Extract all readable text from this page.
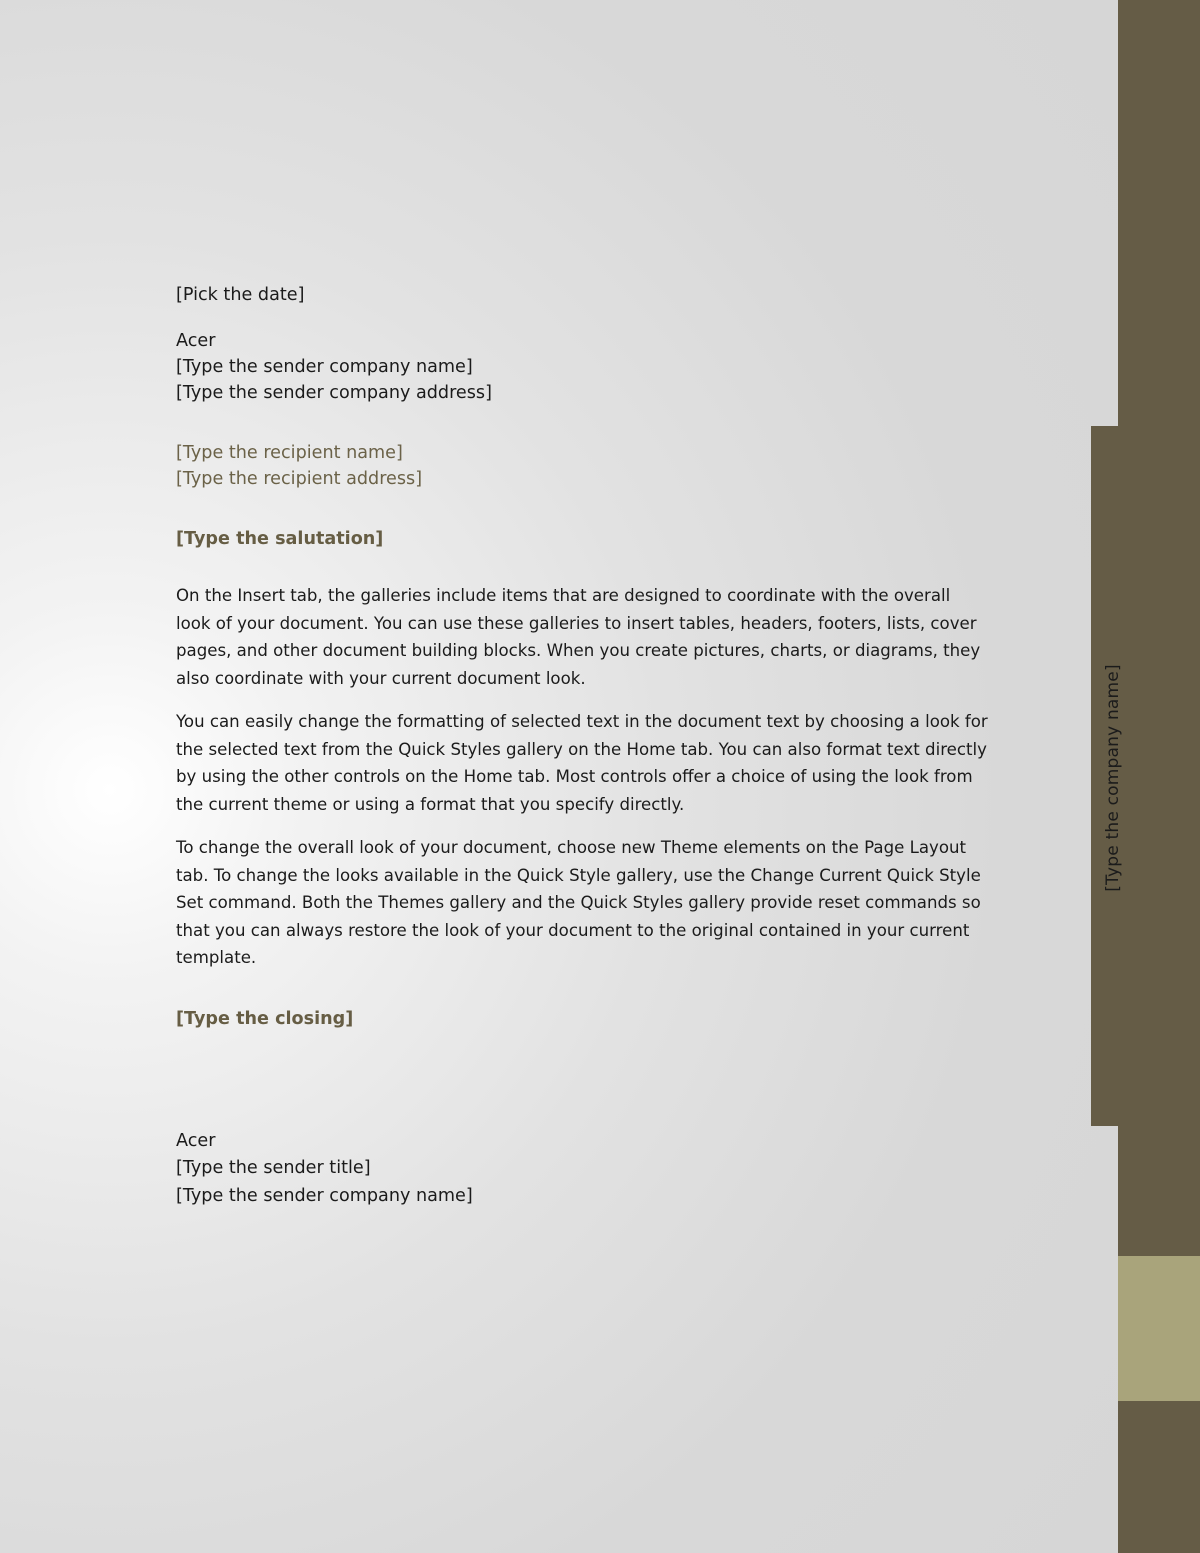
[Type the company name]
[Pick the date]
Acer
[Type the sender company name]
[Type the sender company address]
[Type the recipient name]
[Type the recipient address]
[Type the salutation]

On the Insert tab, the galleries include items that are designed to coordinate with the overall look of your document. You can use these galleries to insert tables, headers, footers, lists, cover pages, and other document building blocks. When you create pictures, charts, or diagrams, they also coordinate with your current document look.

You can easily change the formatting of selected text in the document text by choosing a look for the selected text from the Quick Styles gallery on the Home tab. You can also format text directly by using the other controls on the Home tab. Most controls offer a choice of using the look from the current theme or using a format that you specify directly.

To change the overall look of your document, choose new Theme elements on the Page Layout tab. To change the looks available in the Quick Style gallery, use the Change Current Quick Style Set command. Both the Themes gallery and the Quick Styles gallery provide reset commands so that you can always restore the look of your document to the original contained in your current template.

[Type the closing]
Acer
[Type the sender title]
[Type the sender company name]
